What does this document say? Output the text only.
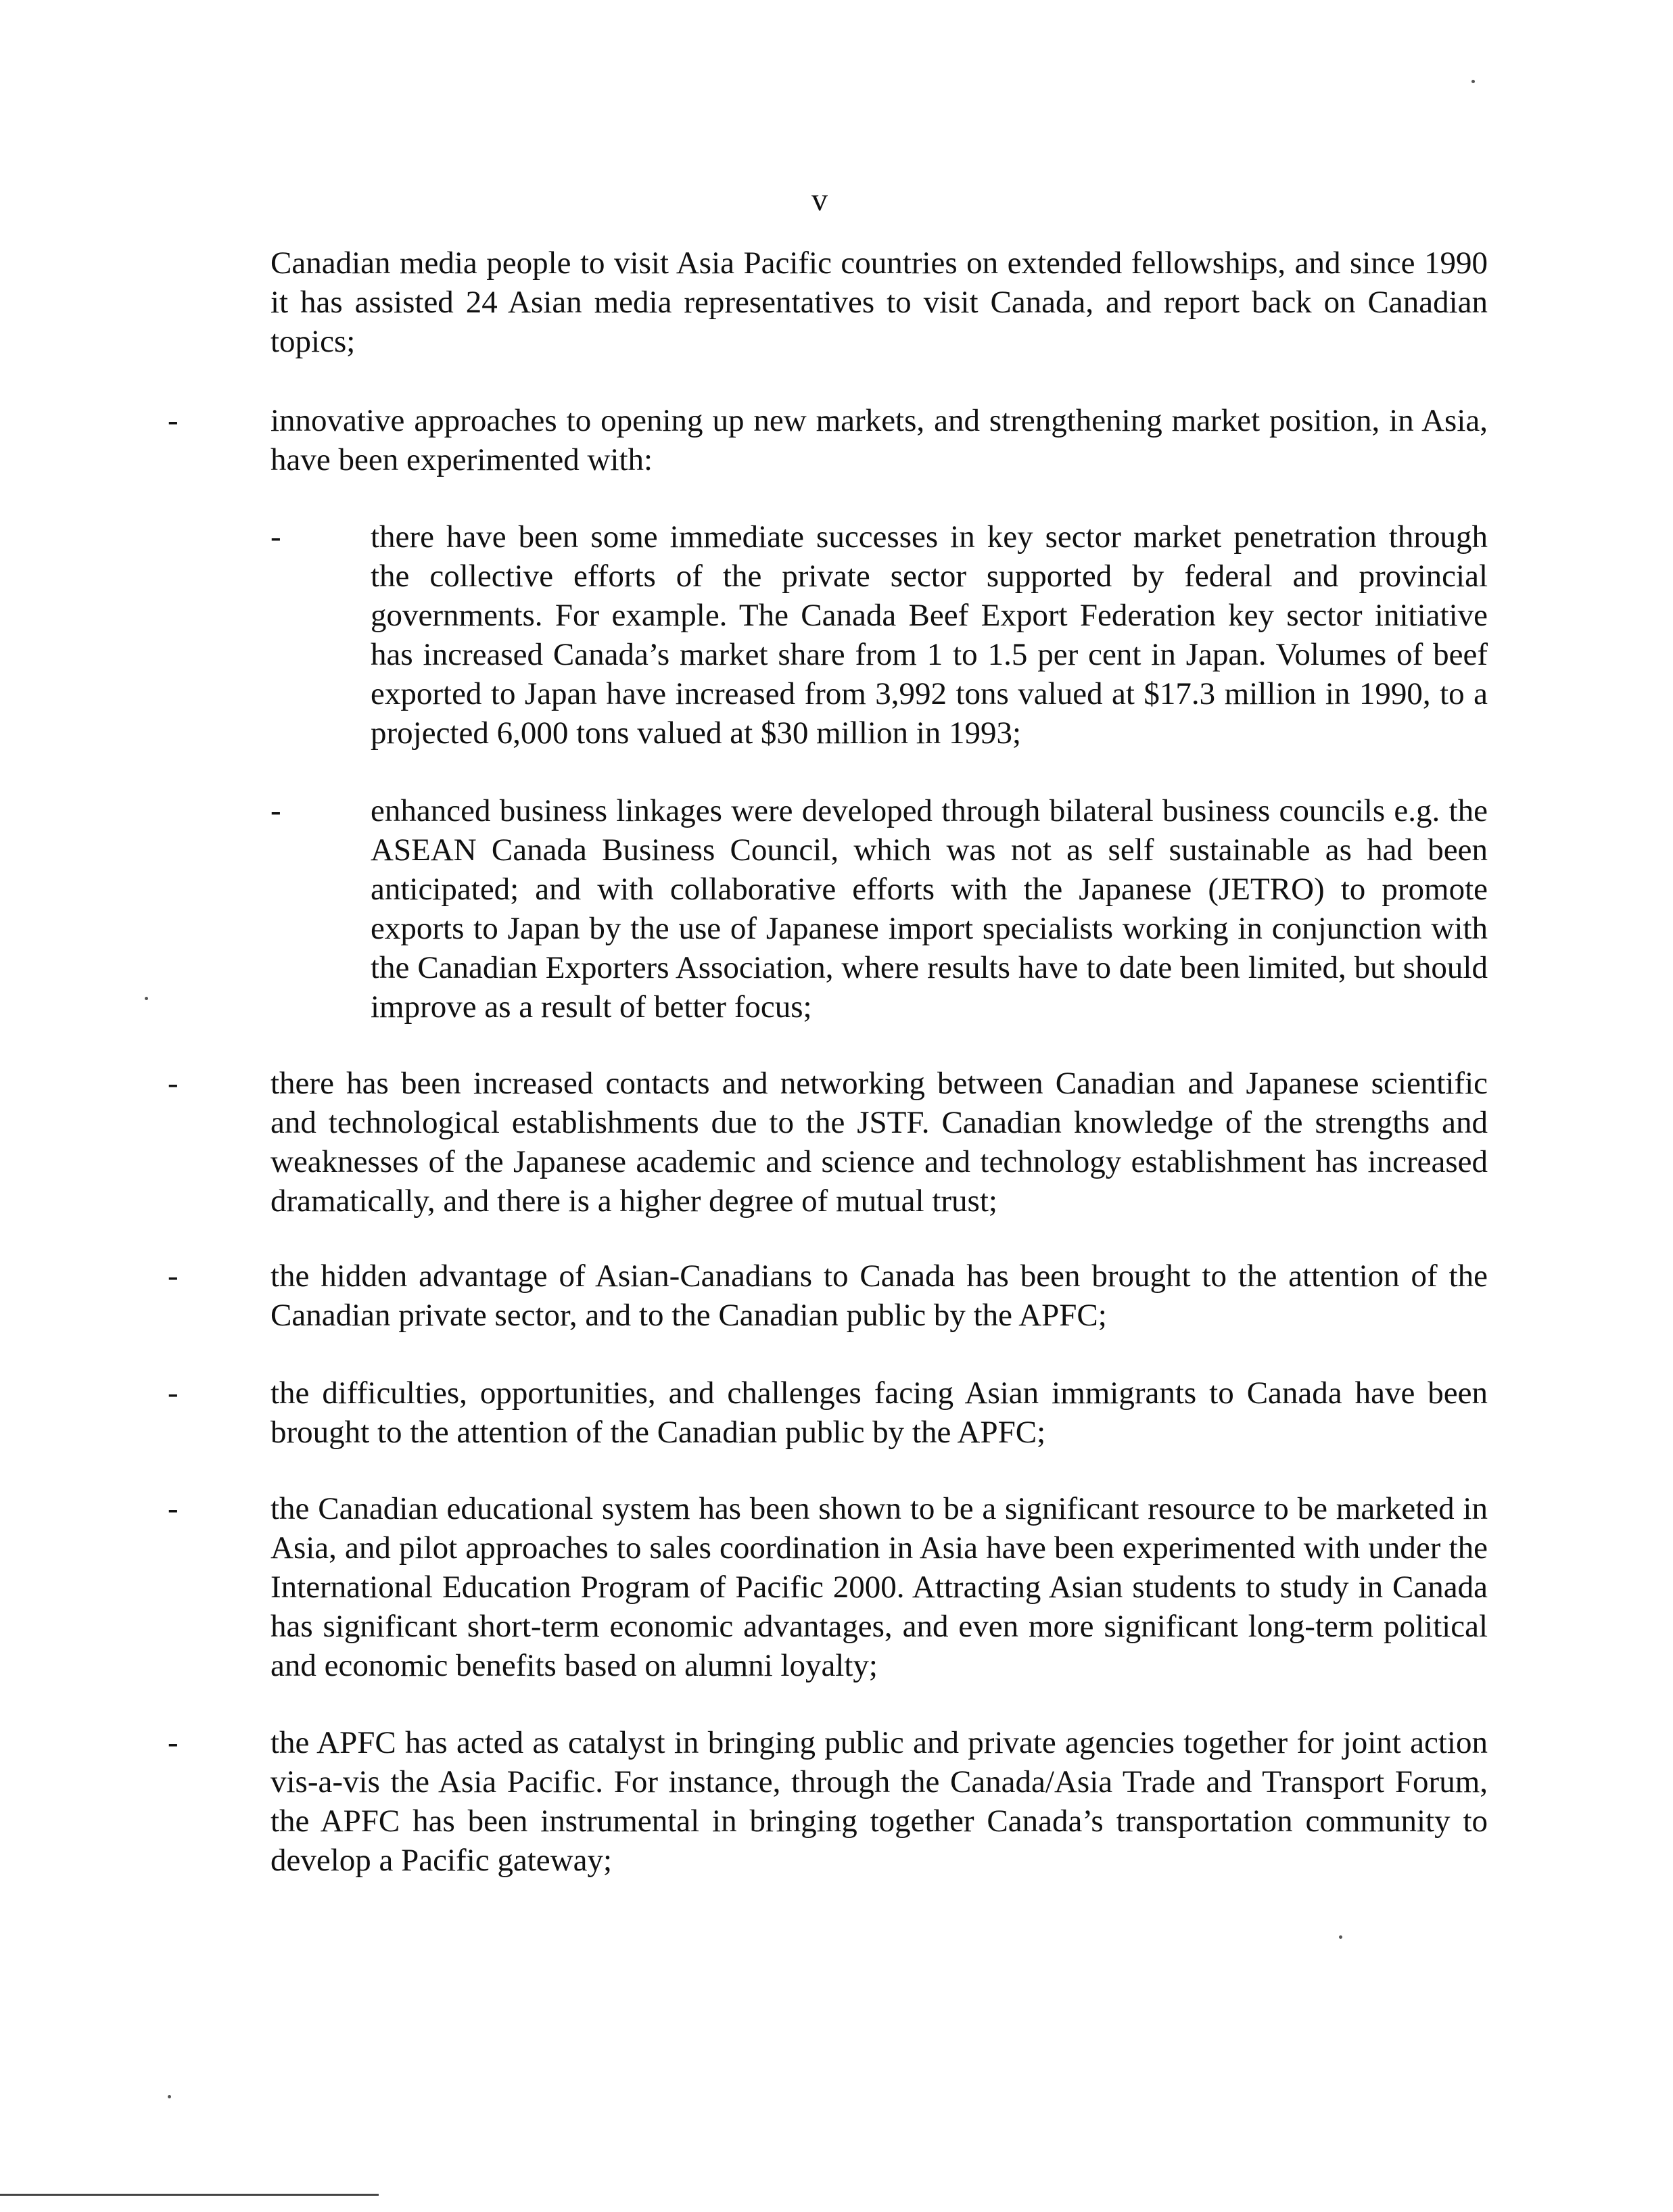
v
Canadian media people to visit Asia Pacific countries on extended fellowships, and since 1990 it has assisted 24 Asian media representatives to visit Canada, and report back on Canadian topics;
-	innovative approaches to opening up new markets, and strengthening market position, in Asia, have been experimented with:
-	there have been some immediate successes in key sector market penetration through the collective efforts of the private sector supported by federal and provincial governments. For example. The Canada Beef Export Federation key sector initiative has increased Canada’s market share from 1 to 1.5 per cent in Japan. Volumes of beef exported to Japan have increased from 3,992 tons valued at $17.3 million in 1990, to a projected 6,000 tons valued at $30 million in 1993;
-	enhanced business linkages were developed through bilateral business councils e.g. the ASEAN Canada Business Council, which was not as self sustainable as had been anticipated; and with collaborative efforts with the Japanese (JETRO) to promote exports to Japan by the use of Japanese import specialists working in conjunction with the Canadian Exporters Association, where results have to date been limited, but should improve as a result of better focus;
-	there has been increased contacts and networking between Canadian and Japanese scientific and technological establishments due to the JSTF. Canadian knowledge of the strengths and weaknesses of the Japanese academic and science and technology establishment has increased dramatically, and there is a higher degree of mutual trust;
-	the hidden advantage of Asian-Canadians to Canada has been brought to the attention of the Canadian private sector, and to the Canadian public by the APFC;
-	the difficulties, opportunities, and challenges facing Asian immigrants to Canada have been brought to the attention of the Canadian public by the APFC;
-	the Canadian educational system has been shown to be a significant resource to be marketed in Asia, and pilot approaches to sales coordination in Asia have been experimented with under the International Education Program of Pacific 2000. Attracting Asian students to study in Canada has significant short-term economic advantages, and even more significant long-term political and economic benefits based on alumni loyalty;
-	the APFC has acted as catalyst in bringing public and private agencies together for joint action vis-a-vis the Asia Pacific. For instance, through the Canada/Asia Trade and Transport Forum, the APFC has been instrumental in bringing together Canada’s transportation community to develop a Pacific gateway;
